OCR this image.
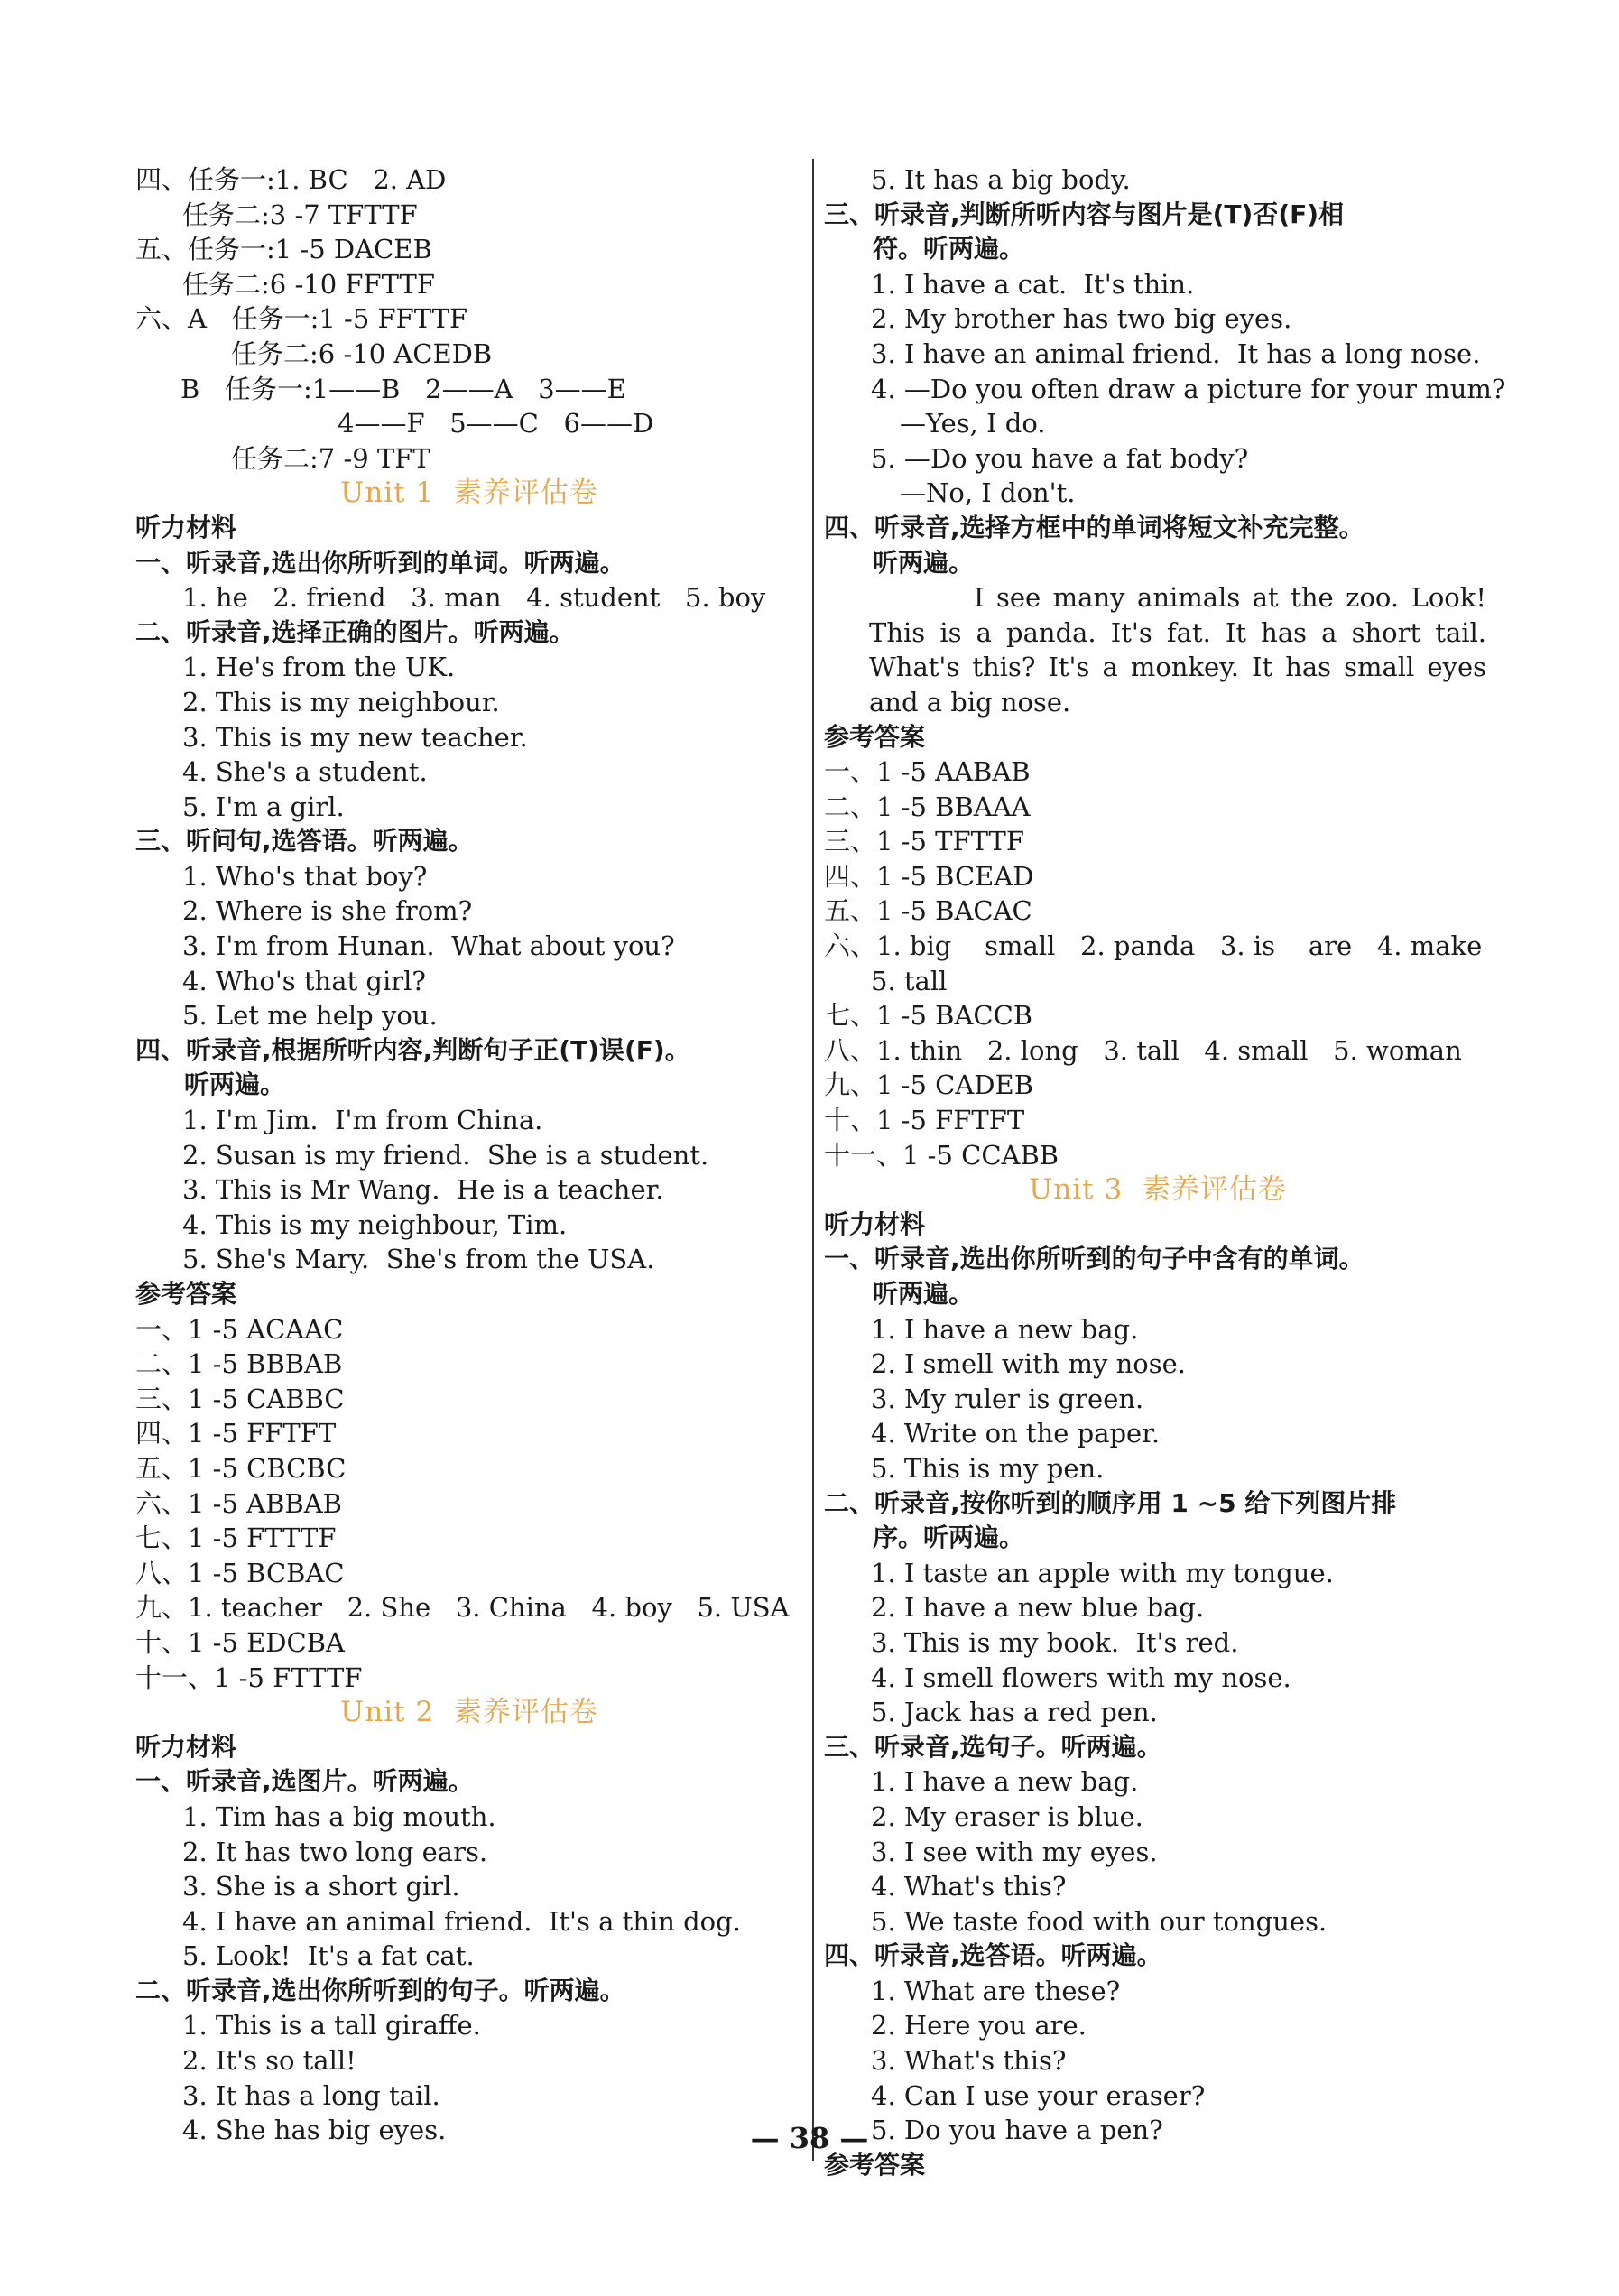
四、任务一:1. BC   2. AD
任务二:3 -7 TFTTF
五、任务一:1 -5 DACEB
任务二:6 -10 FFTTF
六、A   任务一:1 -5 FFTTF
任务二:6 -10 ACEDB
B   任务一:1——B   2——A   3——E
4——F   5——C   6——D
任务二:7 -9 TFT
Unit 1  素养评估卷
听力材料
一、听录音,选出你所听到的单词。听两遍。
1. he   2. friend   3. man   4. student   5. boy
二、听录音,选择正确的图片。听两遍。
1. He's from the UK.
2. This is my neighbour.
3. This is my new teacher.
4. She's a student.
5. I'm a girl.
三、听问句,选答语。听两遍。
1. Who's that boy?
2. Where is she from?
3. I'm from Hunan.  What about you?
4. Who's that girl?
5. Let me help you.
四、听录音,根据所听内容,判断句子正(T)误(F)。
听两遍。
1. I'm Jim.  I'm from China.
2. Susan is my friend.  She is a student.
3. This is Mr Wang.  He is a teacher.
4. This is my neighbour, Tim.
5. She's Mary.  She's from the USA.
参考答案
一、1 -5 ACAAC
二、1 -5 BBBAB
三、1 -5 CABBC
四、1 -5 FFTFT
五、1 -5 CBCBC
六、1 -5 ABBAB
七、1 -5 FTTTF
八、1 -5 BCBAC
九、1. teacher   2. She   3. China   4. boy   5. USA
十、1 -5 EDCBA
十一、1 -5 FTTTF
Unit 2  素养评估卷
听力材料
一、听录音,选图片。听两遍。
1. Tim has a big mouth.
2. It has two long ears.
3. She is a short girl.
4. I have an animal friend.  It's a thin dog.
5. Look!  It's a fat cat.
二、听录音,选出你所听到的句子。听两遍。
1. This is a tall giraffe.
2. It's so tall!
3. It has a long tail.
4. She has big eyes.
5. It has a big body.
三、听录音,判断所听内容与图片是(T)否(F)相
符。听两遍。
1. I have a cat.  It's thin.
2. My brother has two big eyes.
3. I have an animal friend.  It has a long nose.
4. —Do you often draw a picture for your mum?
—Yes, I do.
5. —Do you have a fat body?
—No, I don't.
四、听录音,选择方框中的单词将短文补充完整。
听两遍。
I see many animals at the zoo. Look! This is a panda. It's fat. It has a short tail. What's this? It's a monkey. It has small eyes and a big nose.
参考答案
一、1 -5 AABAB
二、1 -5 BBAAA
三、1 -5 TFTTF
四、1 -5 BCEAD
五、1 -5 BACAC
六、1. big    small   2. panda   3. is    are   4. make
5. tall
七、1 -5 BACCB
八、1. thin   2. long   3. tall   4. small   5. woman
九、1 -5 CADEB
十、1 -5 FFTFT
十一、1 -5 CCABB
Unit 3  素养评估卷
听力材料
一、听录音,选出你所听到的句子中含有的单词。
听两遍。
1. I have a new bag.
2. I smell with my nose.
3. My ruler is green.
4. Write on the paper.
5. This is my pen.
二、听录音,按你听到的顺序用 1 ~5 给下列图片排
序。听两遍。
1. I taste an apple with my tongue.
2. I have a new blue bag.
3. This is my book.  It's red.
4. I smell flowers with my nose.
5. Jack has a red pen.
三、听录音,选句子。听两遍。
1. I have a new bag.
2. My eraser is blue.
3. I see with my eyes.
4. What's this?
5. We taste food with our tongues.
四、听录音,选答语。听两遍。
1. What are these?
2. Here you are.
3. What's this?
4. Can I use your eraser?
5. Do you have a pen?
参考答案
— 38 —
